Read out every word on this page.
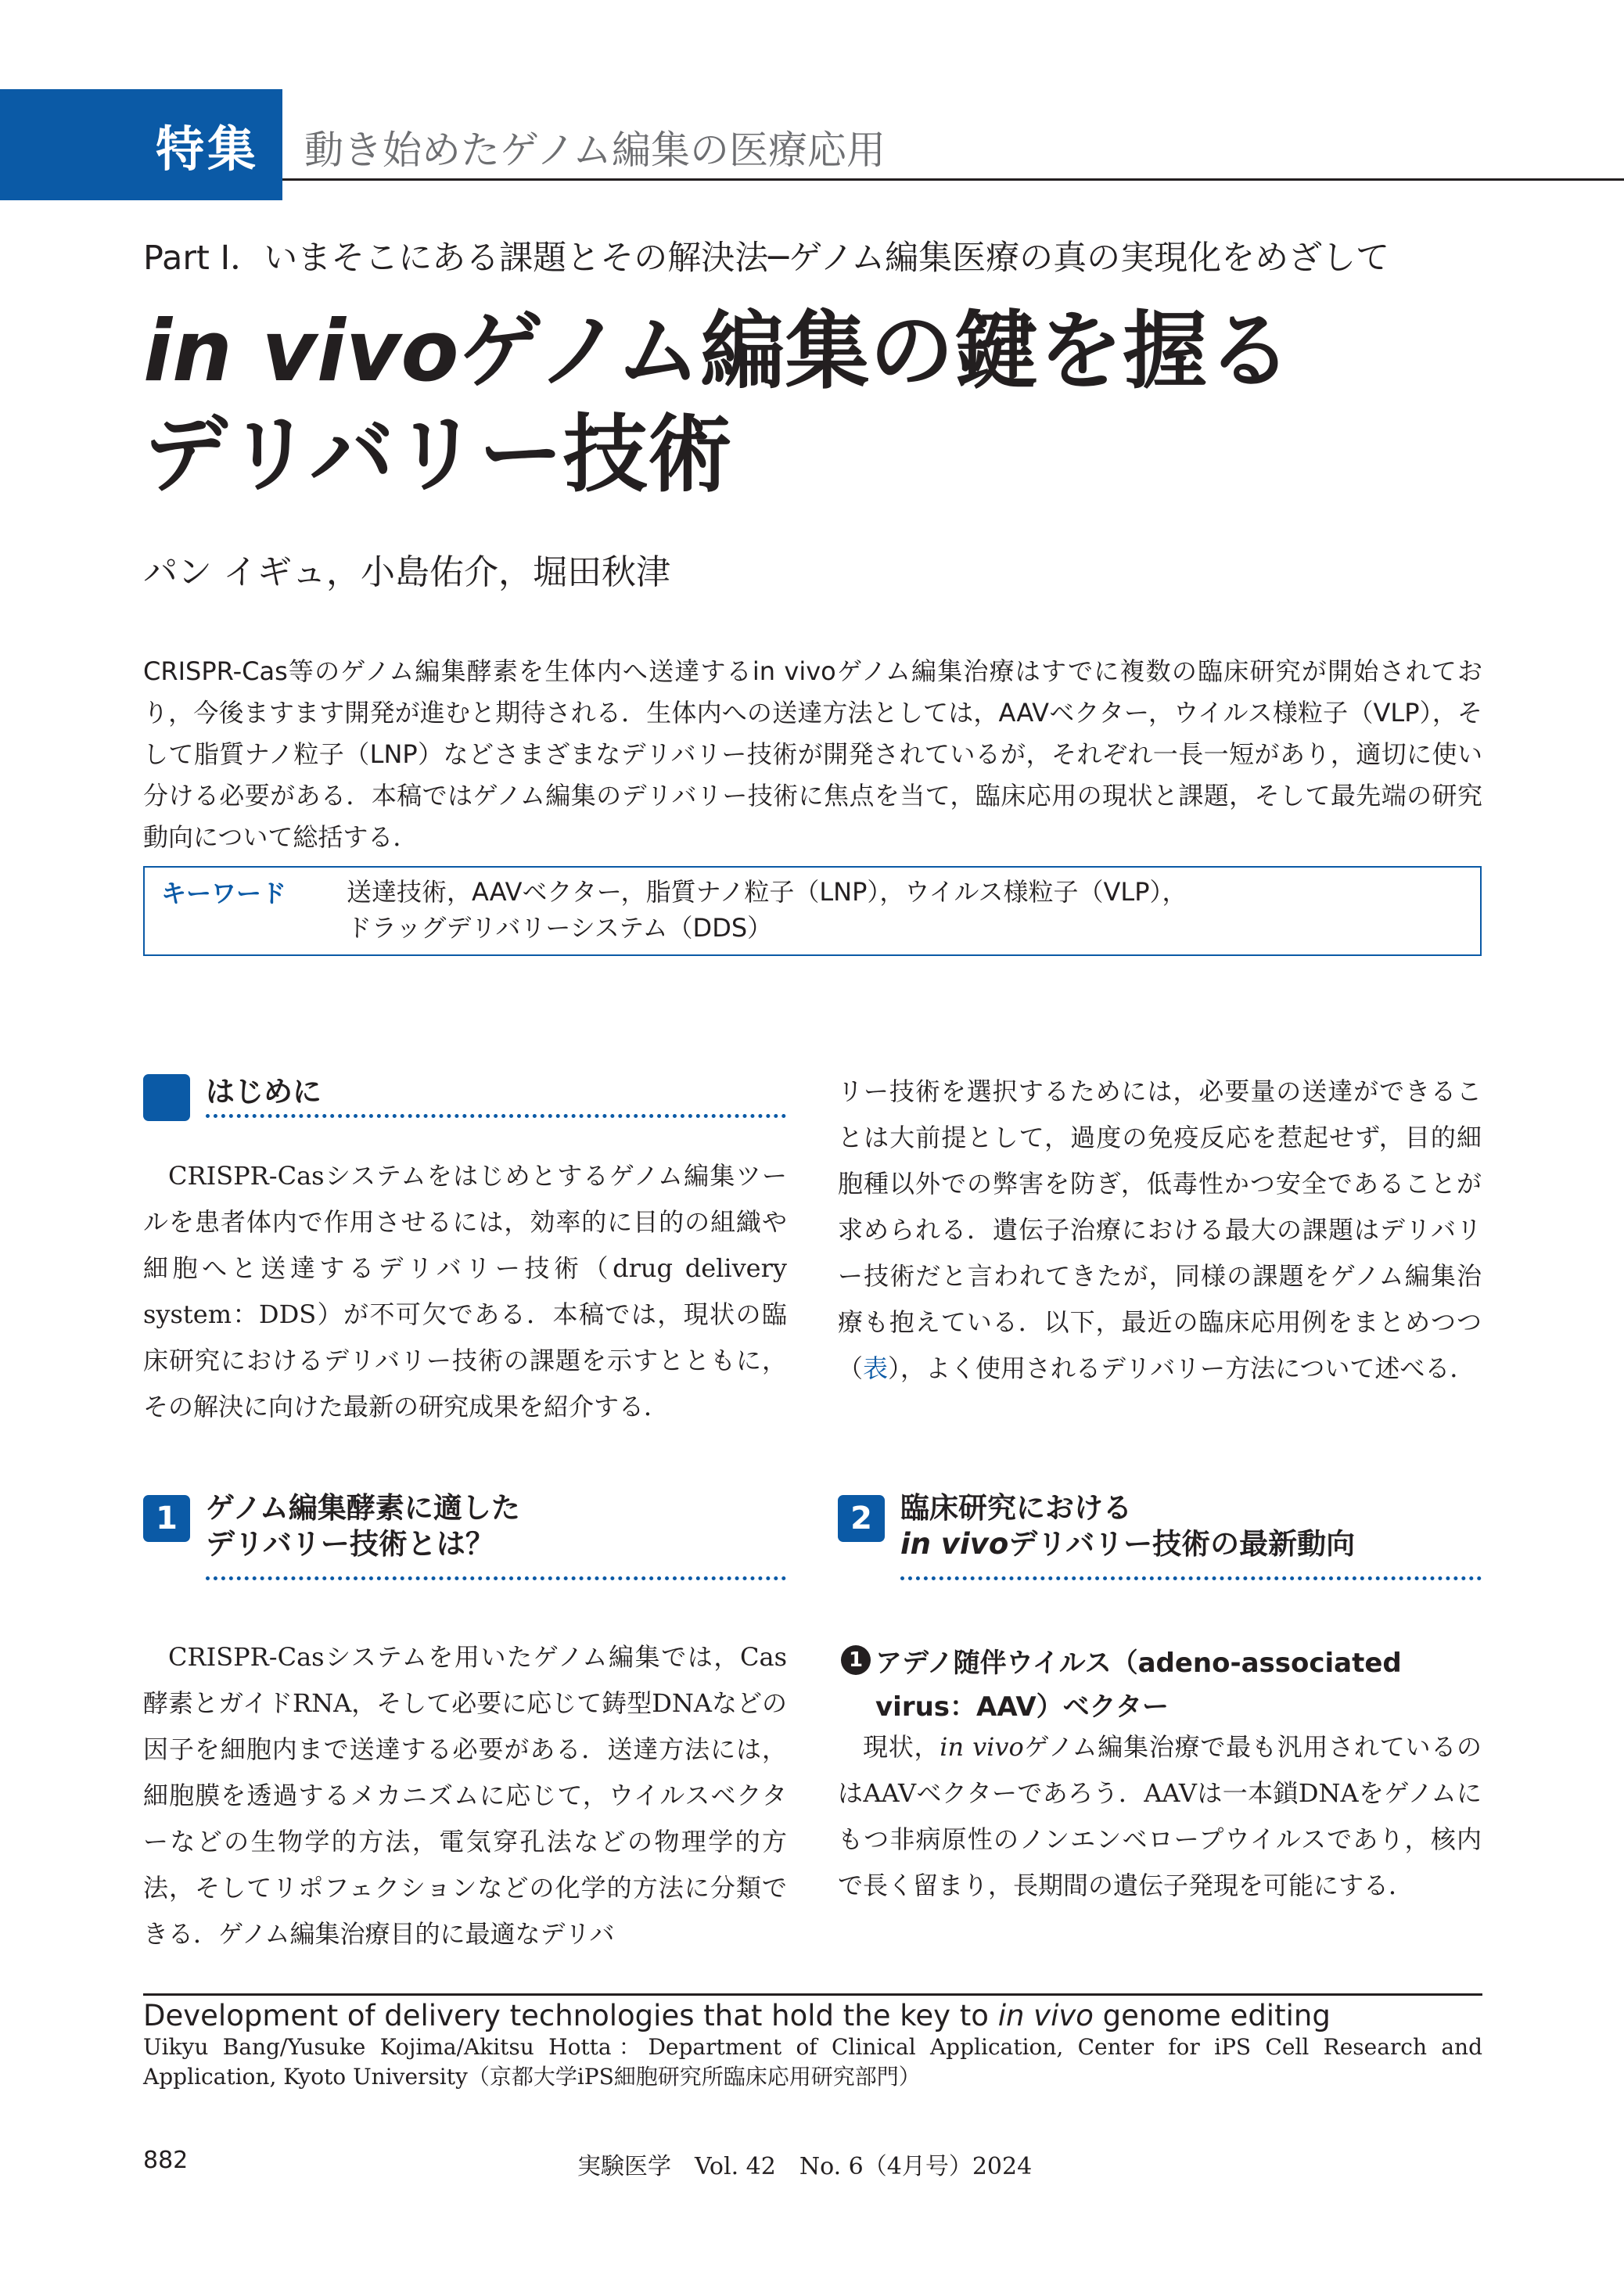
特集	動き始めたゲノム編集の医療応用
Part Ⅰ．いまそこにある課題とその解決法─ゲノム編集医療の真の実現化をめざして
in vivoゲノム編集の鍵を握る
デリバリー技術
パン イギュ，小島佑介，堀田秋津

CRISPR-Cas等のゲノム編集酵素を生体内へ送達するin vivoゲノム編集治療はすでに複数の臨床研究が開始されており，今後ますます開発が進むと期待される．生体内への送達方法としては，AAVベクター，ウイルス様粒子（VLP），そして脂質ナノ粒子（LNP）などさまざまなデリバリー技術が開発されているが，それぞれ一長一短があり，適切に使い分ける必要がある．本稿ではゲノム編集のデリバリー技術に焦点を当て，臨床応用の現状と課題，そして最先端の研究動向について総括する．

キーワード 送達技術，AAVベクター，脂質ナノ粒子（LNP），ウイルス様粒子（VLP），
ドラッグデリバリーシステム（DDS）
はじめに

CRISPR-Casシステムをはじめとするゲノム編集ツールを患者体内で作用させるには，効率的に目的の組織や細胞へと送達するデリバリー技術（drug delivery system：DDS）が不可欠である．本稿では，現状の臨床研究におけるデリバリー技術の課題を示すとともに，その解決に向けた最新の研究成果を紹介する．

1 ゲノム編集酵素に適した
デリバリー技術とは？

CRISPR-Casシステムを用いたゲノム編集では，Cas酵素とガイドRNA，そして必要に応じて鋳型DNAなどの因子を細胞内まで送達する必要がある．送達方法には，細胞膜を透過するメカニズムに応じて，ウイルスベクターなどの生物学的方法，電気穿孔法などの物理学的方法，そしてリポフェクションなどの化学的方法に分類できる．ゲノム編集治療目的に最適なデリバ

リー技術を選択するためには，必要量の送達ができることは大前提として，過度の免疫反応を惹起せず，目的細胞種以外での弊害を防ぎ，低毒性かつ安全であることが求められる．遺伝子治療における最大の課題はデリバリー技術だと言われてきたが，同様の課題をゲノム編集治療も抱えている．以下，最近の臨床応用例をまとめつつ（表），よく使用されるデリバリー方法について述べる．

2 臨床研究における
in vivoデリバリー技術の最新動向
1 アデノ随伴ウイルス（adeno-associated virus：AAV）ベクター

現状，in vivoゲノム編集治療で最も汎用されているのはAAVベクターであろう．AAVは一本鎖DNAをゲノムにもつ非病原性のノンエンベロープウイルスであり，核内で長く留まり，長期間の遺伝子発現を可能にする．

Development of delivery technologies that hold the key to in vivo genome editing
Uikyu Bang/Yusuke Kojima/Akitsu Hotta：Department of Clinical Application, Center for iPS Cell Research and Application, Kyoto University（京都大学iPS細胞研究所臨床応用研究部門）
882	実験医学　Vol. 42　No. 6（4月号）2024
